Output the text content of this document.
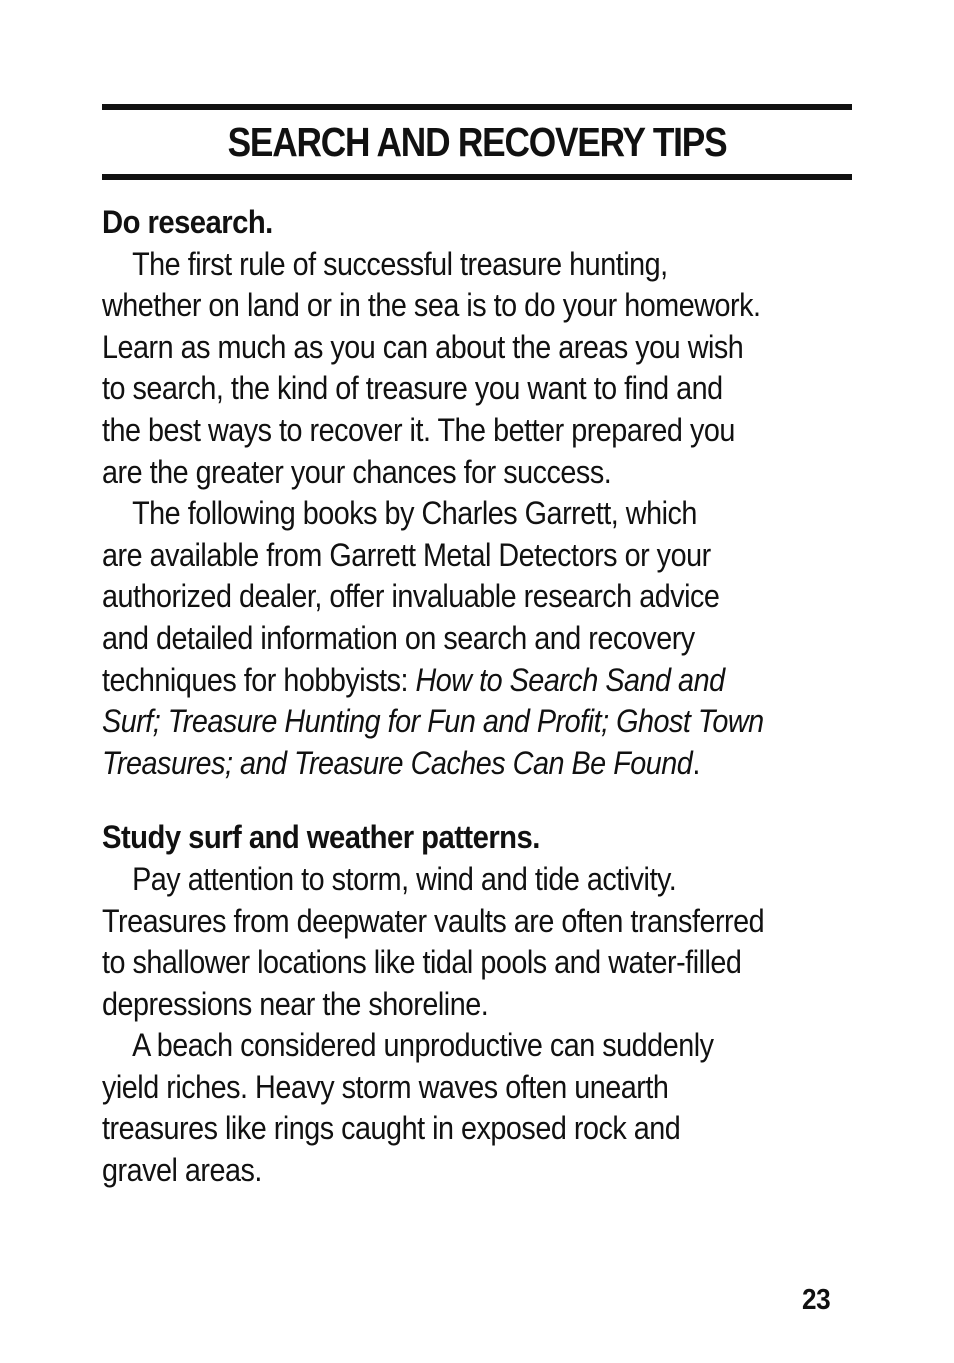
SEARCH AND RECOVERY TIPS

Do research.

The first rule of successful treasure hunting,

whether on land or in the sea is to do your homework.

Learn as much as you can about the areas you wish

to search, the kind of treasure you want to find and

the best ways to recover it. The better prepared you

are the greater your chances for success.

The following books by Charles Garrett, which

are available from Garrett Metal Detectors or your

authorized dealer, offer invaluable research advice

and detailed information on search and recovery

techniques for hobbyists: How to Search Sand and

Surf; Treasure Hunting for Fun and Profit; Ghost Town

Treasures; and Treasure Caches Can Be Found.

Study surf and weather patterns.

Pay attention to storm, wind and tide activity.

Treasures from deepwater vaults are often transferred

to shallower locations like tidal pools and water-filled

depressions near the shoreline.

A beach considered unproductive can suddenly

yield riches. Heavy storm waves often unearth

treasures like rings caught in exposed rock and

gravel areas.

23
